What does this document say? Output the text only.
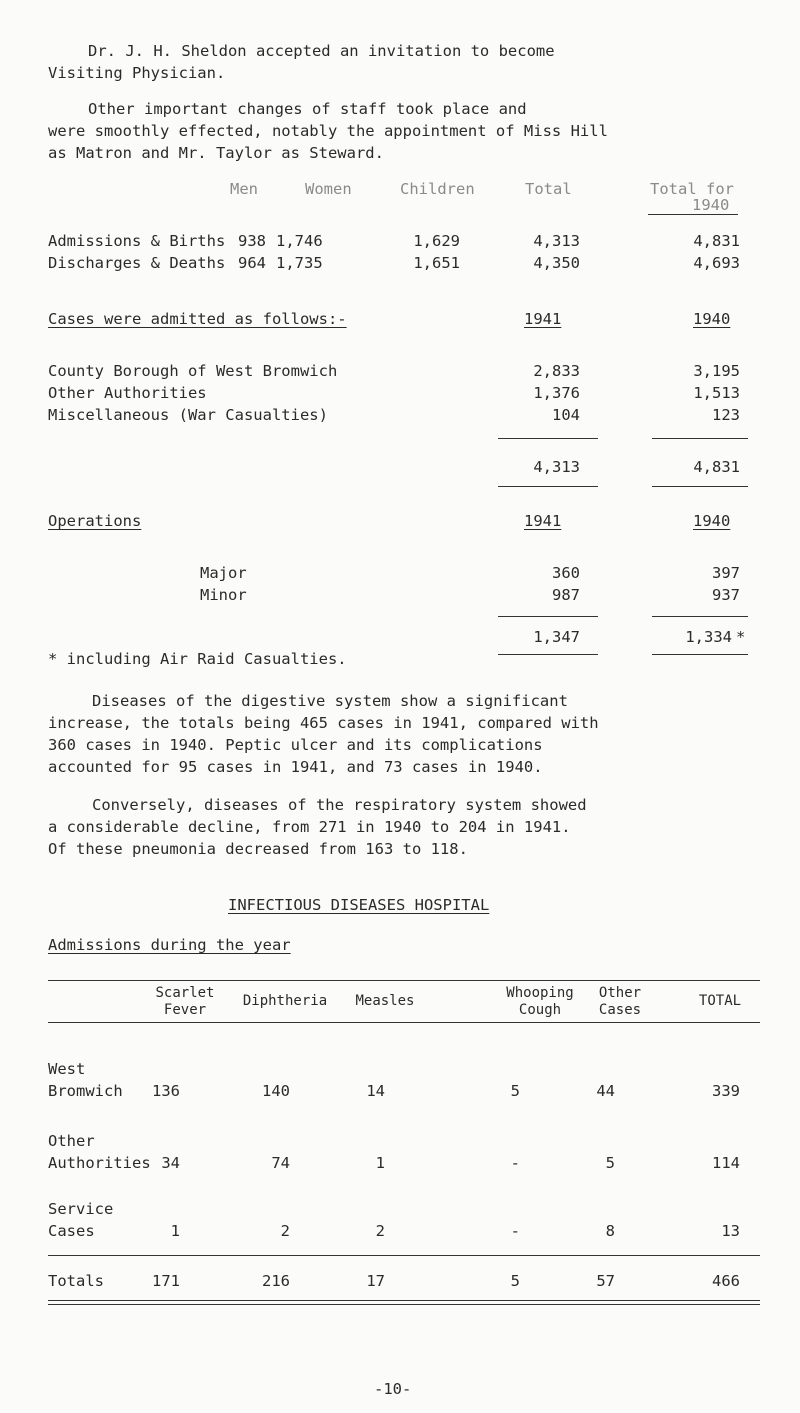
Dr. J. H. Sheldon accepted an invitation to become
Visiting Physician.
Other important changes of staff took place and
were smoothly effected, notably the appointment of Miss Hill
as Matron and Mr. Taylor as Steward.
Men	Women	Children	Total	Total for
1940
Admissions & Births 938 1,746	1,629	4,313	4,831
Discharges & Deaths 964 1,735	1,651	4,350	4,693
Cases were admitted as follows:-	1941	1940
County Borough of West Bromwich	2,833	3,195
Other Authorities	1,376	1,513
Miscellaneous (War Casualties)	104	123
4,313	4,831
Operations	1941	1940
Major	360	397
Minor	987	937
1,347	1,334 *
* including Air Raid Casualties.
Diseases of the digestive system show a significant
increase, the totals being 465 cases in 1941, compared with
360 cases in 1940. Peptic ulcer and its complications
accounted for 95 cases in 1941, and 73 cases in 1940.
Conversely, diseases of the respiratory system showed
a considerable decline, from 271 in 1940 to 204 in 1941.
Of these pneumonia decreased from 163 to 118.
INFECTIOUS DISEASES HOSPITAL
Admissions during the year
Scarlet
Fever
Diphtheria	Measles	Whooping
Cough
Other
Cases
TOTAL
West
Bromwich	136	140	14	5	44	339
Other
Authorities 34	74	1	-	5	114
Service
Cases	1	2	2	-	8	13
Totals	171	216	17	5	57	466
-10-
